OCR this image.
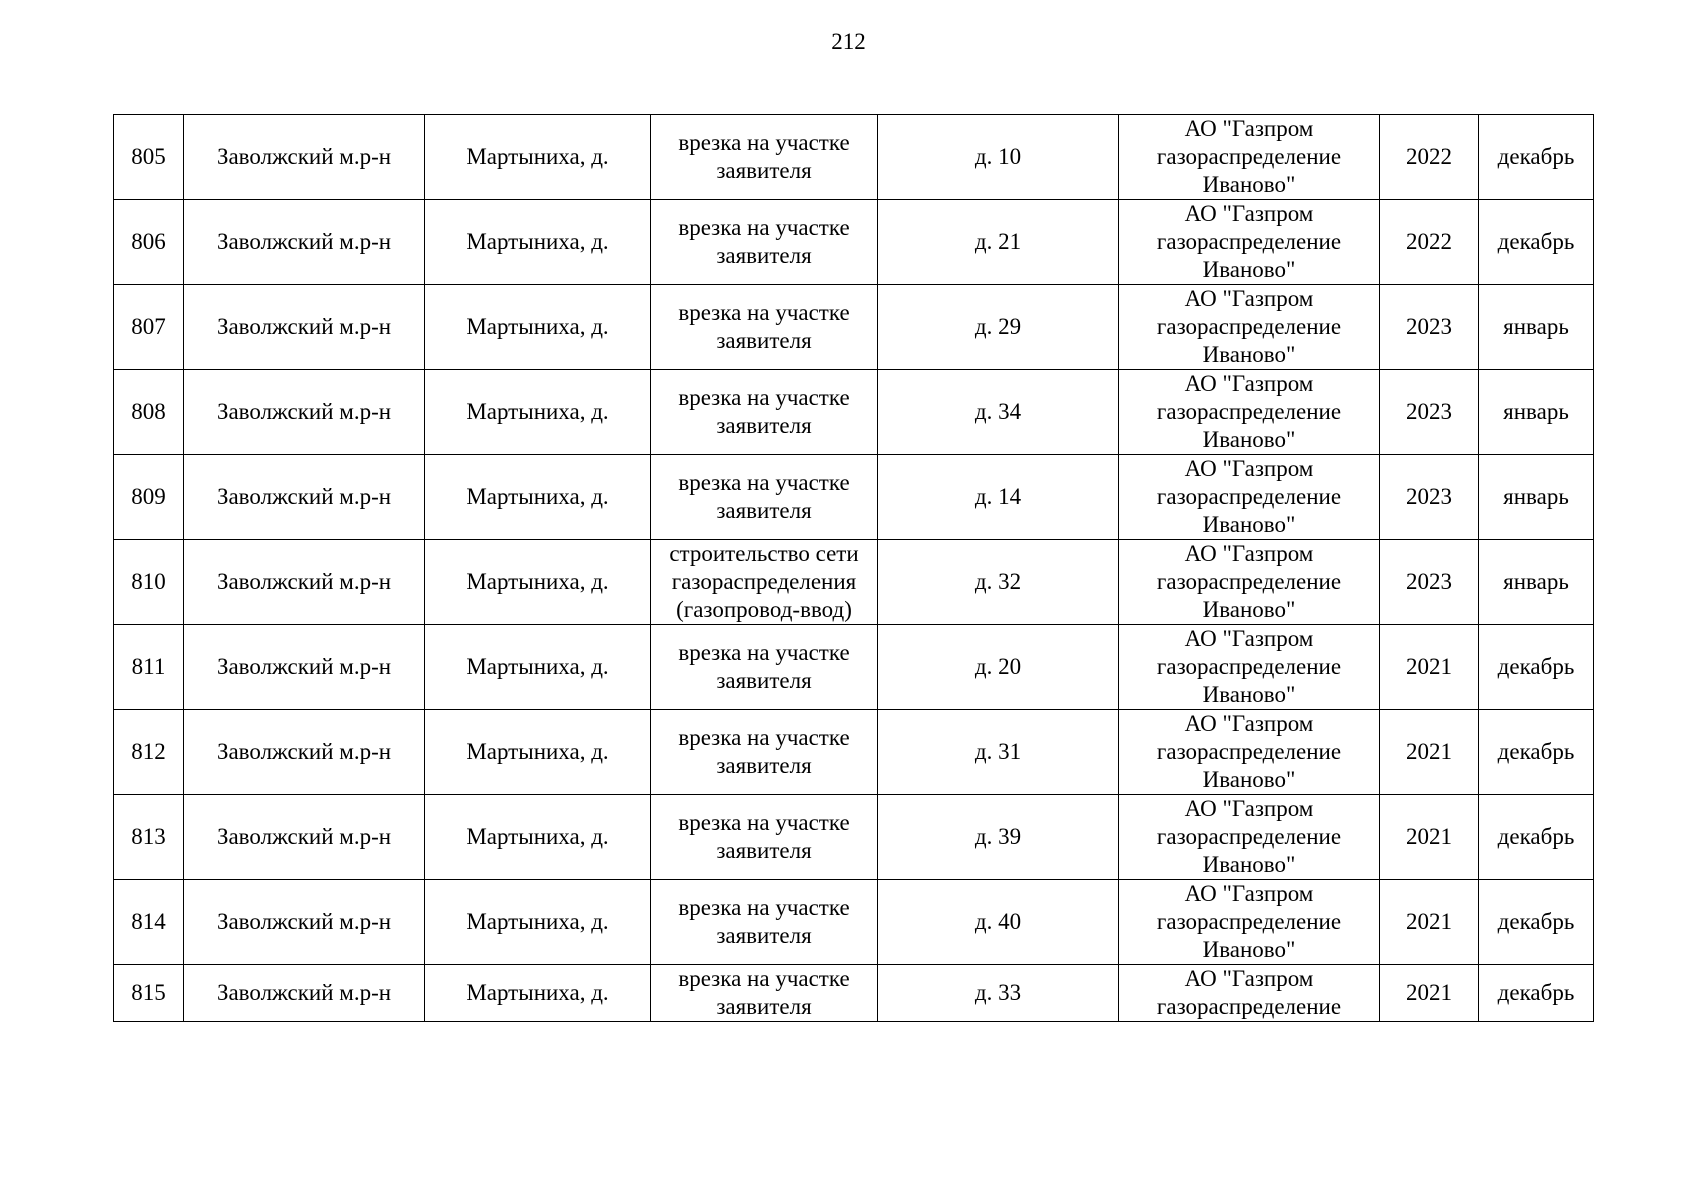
212
805	Заволжский м.р-н	Мартыниха, д.	врезка на участке
заявителя	д. 10	АО "Газпром
газораспределение
Иваново"	2022	декабрь
806	Заволжский м.р-н	Мартыниха, д.	врезка на участке
заявителя	д. 21	АО "Газпром
газораспределение
Иваново"	2022	декабрь
807	Заволжский м.р-н	Мартыниха, д.	врезка на участке
заявителя	д. 29	АО "Газпром
газораспределение
Иваново"	2023	январь
808	Заволжский м.р-н	Мартыниха, д.	врезка на участке
заявителя	д. 34	АО "Газпром
газораспределение
Иваново"	2023	январь
809	Заволжский м.р-н	Мартыниха, д.	врезка на участке
заявителя	д. 14	АО "Газпром
газораспределение
Иваново"	2023	январь
810	Заволжский м.р-н	Мартыниха, д.	строительство сети
газораспределения
(газопровод-ввод)	д. 32	АО "Газпром
газораспределение
Иваново"	2023	январь
811	Заволжский м.р-н	Мартыниха, д.	врезка на участке
заявителя	д. 20	АО "Газпром
газораспределение
Иваново"	2021	декабрь
812	Заволжский м.р-н	Мартыниха, д.	врезка на участке
заявителя	д. 31	АО "Газпром
газораспределение
Иваново"	2021	декабрь
813	Заволжский м.р-н	Мартыниха, д.	врезка на участке
заявителя	д. 39	АО "Газпром
газораспределение
Иваново"	2021	декабрь
814	Заволжский м.р-н	Мартыниха, д.	врезка на участке
заявителя	д. 40	АО "Газпром
газораспределение
Иваново"	2021	декабрь
815	Заволжский м.р-н	Мартыниха, д.	врезка на участке
заявителя	д. 33	АО "Газпром
газораспределение	2021	декабрь
